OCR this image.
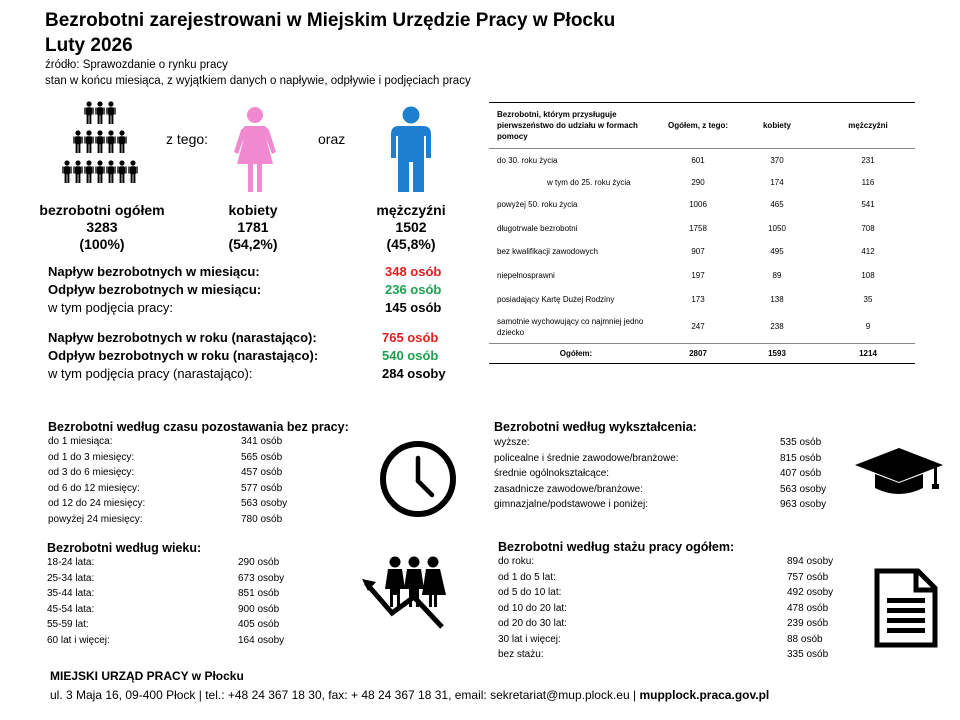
Bezrobotni zarejestrowani w Miejskim Urzędzie Pracy w Płocku
Luty 2026
źródło: Sprawozdanie o rynku pracy
stan w końcu miesiąca, z wyjątkiem danych o napływie, odpływie i podjęciach pracy
z tego:	oraz
bezrobotni ogółem
3283
(100%)
kobiety
1781
(54,2%)
mężczyźni
1502
(45,8%)
Napływ bezrobotnych w miesiącu:	348 osób
Odpływ bezrobotnych w miesiącu:	236 osób
w tym podjęcia pracy:	145 osób
Napływ bezrobotnych w roku (narastająco):	765 osób
Odpływ bezrobotnych w roku (narastająco):	540 osób
w tym podjęcia pracy (narastająco):	284 osoby
Bezrobotni, którym przysługuje pierwszeństwo do udziału w formach pomocy	Ogółem, z tego:	kobiety	mężczyźni
do 30. roku życia	601	370	231
w tym do 25. roku życia	290	174	116
powyżej 50. roku życia	1006	465	541
długotrwale bezrobotni	1758	1050	708
bez kwalifikacji zawodowych	907	495	412
niepełnosprawni	197	89	108
posiadający Kartę Dużej Rodziny	173	138	35
samotnie wychowujący co najmniej jedno dziecko	247	238	9
Ogółem:	2807	1593	1214
Bezrobotni według czasu pozostawania bez pracy:
do 1 miesiąca:	341 osób
od 1 do 3 miesięcy:	565 osób
od 3 do 6 miesięcy:	457 osób
od 6 do 12 miesięcy:	577 osób
od 12 do 24 miesięcy:	563 osoby
powyżej 24 miesięcy:	780 osób
Bezrobotni według wykształcenia:
wyższe:	535 osób
policealne i średnie zawodowe/branżowe:	815 osób
średnie ogólnokształcące:	407 osób
zasadnicze zawodowe/branżowe:	563 osoby
gimnazjalne/podstawowe i poniżej:	963 osoby
Bezrobotni według wieku:
18-24 lata:	290 osób
25-34 lata:	673 osoby
35-44 lata:	851 osób
45-54 lata:	900 osób
55-59 lat:	405 osób
60 lat i więcej:	164 osoby
Bezrobotni według stażu pracy ogółem:
do roku:	894 osoby
od 1 do 5 lat:	757 osób
od 5 do 10 lat:	492 osoby
od 10 do 20 lat:	478 osób
od 20 do 30 lat:	239 osób
30 lat i więcej:	88 osób
bez stażu:	335 osób
MIEJSKI URZĄD PRACY w Płocku
ul. 3 Maja 16, 09-400 Płock | tel.: +48 24 367 18 30, fax: + 48 24 367 18 31, email: sekretariat@mup.plock.eu | mupplock.praca.gov.pl
